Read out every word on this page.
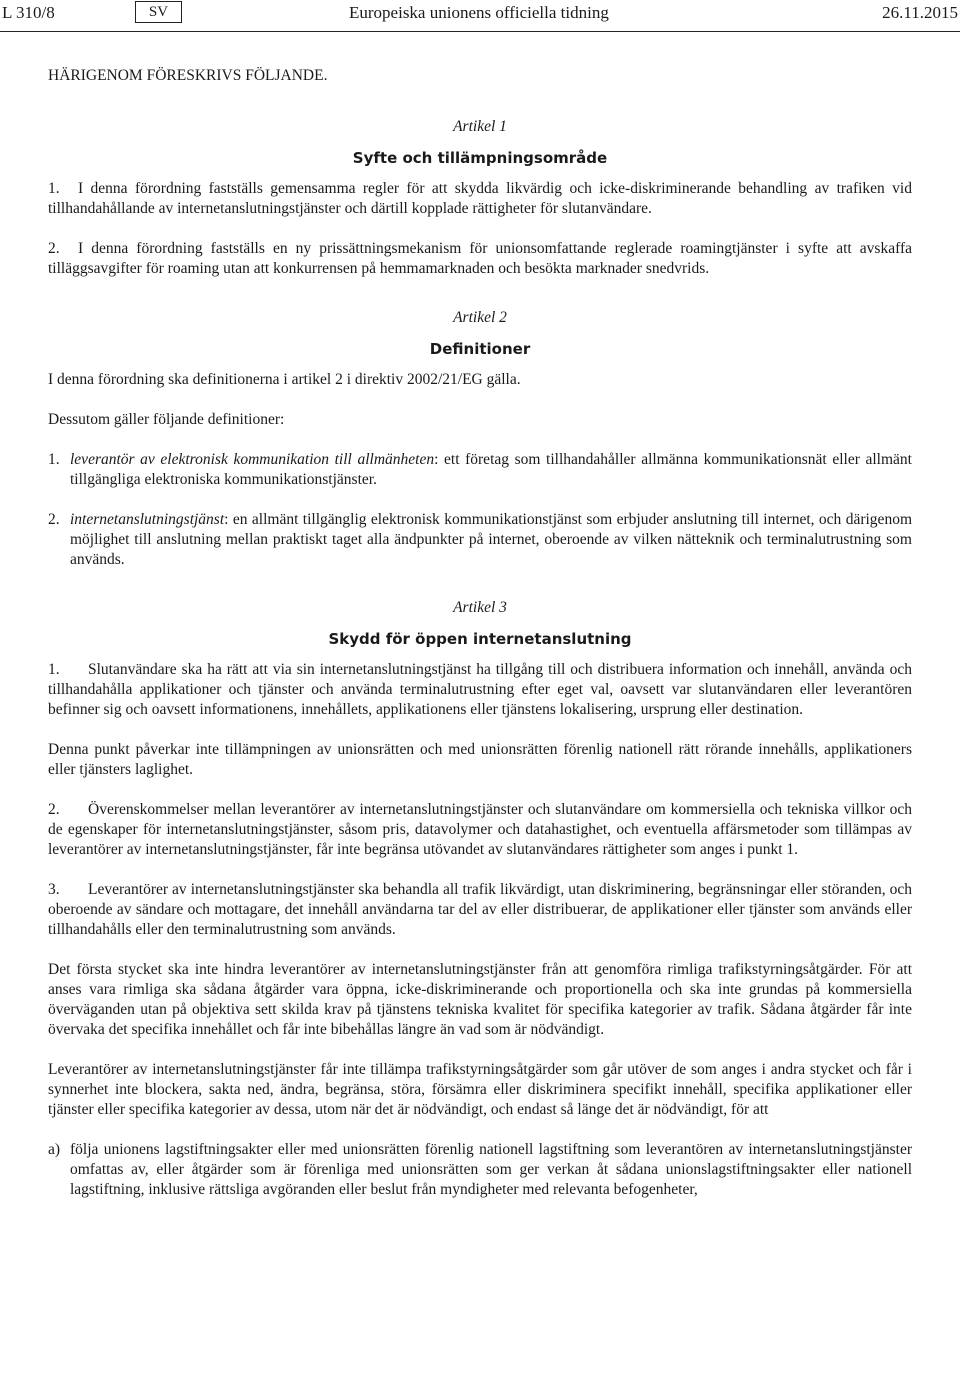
L 310/8	SV	Europeiska unionens officiella tidning	26.11.2015

HÄRIGENOM FÖRESKRIVS FÖLJANDE.

Artikel 1

Syfte och tillämpningsområde

1. I denna förordning fastställs gemensamma regler för att skydda likvärdig och icke-diskriminerande behandling av trafiken vid tillhandahållande av internetanslutningstjänster och därtill kopplade rättigheter för slutanvändare.

2. I denna förordning fastställs en ny prissättningsmekanism för unionsomfattande reglerade roamingtjänster i syfte att avskaffa tilläggsavgifter för roaming utan att konkurrensen på hemmamarknaden och besökta marknader snedvrids.

Artikel 2

Definitioner

I denna förordning ska definitionerna i artikel 2 i direktiv 2002/21/EG gälla.

Dessutom gäller följande definitioner:

1. leverantör av elektronisk kommunikation till allmänheten: ett företag som tillhandahåller allmänna kommunikationsnät eller allmänt tillgängliga elektroniska kommunikationstjänster.
2. internetanslutningstjänst: en allmänt tillgänglig elektronisk kommunikationstjänst som erbjuder anslutning till internet, och därigenom möjlighet till anslutning mellan praktiskt taget alla ändpunkter på internet, oberoende av vilken nätteknik och terminalutrustning som används.

Artikel 3

Skydd för öppen internetanslutning

1. Slutanvändare ska ha rätt att via sin internetanslutningstjänst ha tillgång till och distribuera information och innehåll, använda och tillhandahålla applikationer och tjänster och använda terminalutrustning efter eget val, oavsett var slutanvändaren eller leverantören befinner sig och oavsett informationens, innehållets, applikationens eller tjänstens lokalisering, ursprung eller destination.

Denna punkt påverkar inte tillämpningen av unionsrätten och med unionsrätten förenlig nationell rätt rörande innehålls, applikationers eller tjänsters laglighet.

2. Överenskommelser mellan leverantörer av internetanslutningstjänster och slutanvändare om kommersiella och tekniska villkor och de egenskaper för internetanslutningstjänster, såsom pris, datavolymer och datahastighet, och eventuella affärsmetoder som tillämpas av leverantörer av internetanslutningstjänster, får inte begränsa utövandet av slutanvändares rättigheter som anges i punkt 1.

3. Leverantörer av internetanslutningstjänster ska behandla all trafik likvärdigt, utan diskriminering, begränsningar eller störanden, och oberoende av sändare och mottagare, det innehåll användarna tar del av eller distribuerar, de applikationer eller tjänster som används eller tillhandahålls eller den terminalutrustning som används.

Det första stycket ska inte hindra leverantörer av internetanslutningstjänster från att genomföra rimliga trafikstyrningsåtgärder. För att anses vara rimliga ska sådana åtgärder vara öppna, icke-diskriminerande och proportionella och ska inte grundas på kommersiella överväganden utan på objektiva sett skilda krav på tjänstens tekniska kvalitet för specifika kategorier av trafik. Sådana åtgärder får inte övervaka det specifika innehållet och får inte bibehållas längre än vad som är nödvändigt.

Leverantörer av internetanslutningstjänster får inte tillämpa trafikstyrningsåtgärder som går utöver de som anges i andra stycket och får i synnerhet inte blockera, sakta ned, ändra, begränsa, störa, försämra eller diskriminera specifikt innehåll, specifika applikationer eller tjänster eller specifika kategorier av dessa, utom när det är nödvändigt, och endast så länge det är nödvändigt, för att

a) följa unionens lagstiftningsakter eller med unionsrätten förenlig nationell lagstiftning som leverantören av internetanslutningstjänster omfattas av, eller åtgärder som är förenliga med unionsrätten som ger verkan åt sådana unionslagstiftningsakter eller nationell lagstiftning, inklusive rättsliga avgöranden eller beslut från myndigheter med relevanta befogenheter,
